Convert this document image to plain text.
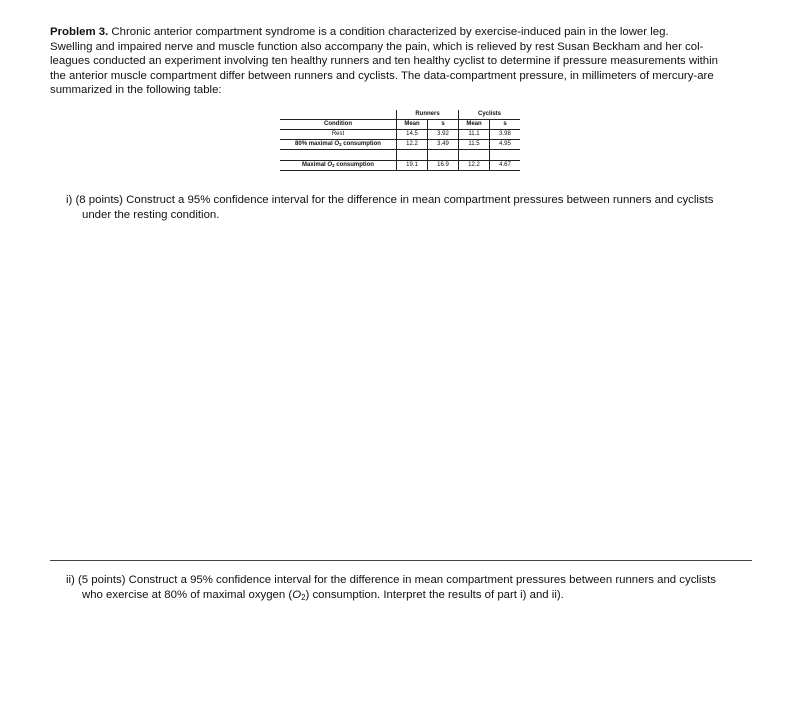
Problem 3. Chronic anterior compartment syndrome is a condition characterized by exercise-induced pain in the lower leg.
Swelling and impaired nerve and muscle function also accompany the pain, which is relieved by rest Susan Beckham and her col-
leagues conducted an experiment involving ten healthy runners and ten healthy cyclist to determine if pressure measurements within
the anterior muscle compartment differ between runners and cyclists. The data-compartment pressure, in millimeters of mercury-are
summarized in the following table:
	Runners		Cyclists	
Condition	Mean	s	Mean	s
Rest	14.5	3.92	11.1	3.98
80% maximal $O_2$ consumption	12.2	3.49	11.5	4.95

Maximal $O_2$ consumption	19.1	16.9	12.2	4.67
i) (8 points) Construct a 95% confidence interval for the difference in mean compartment pressures between runners and cyclists
under the resting condition.
ii) (5 points) Construct a 95% confidence interval for the difference in mean compartment pressures between runners and cyclists
who exercise at 80% of maximal oxygen (O2) consumption. Interpret the results of part i) and ii).
